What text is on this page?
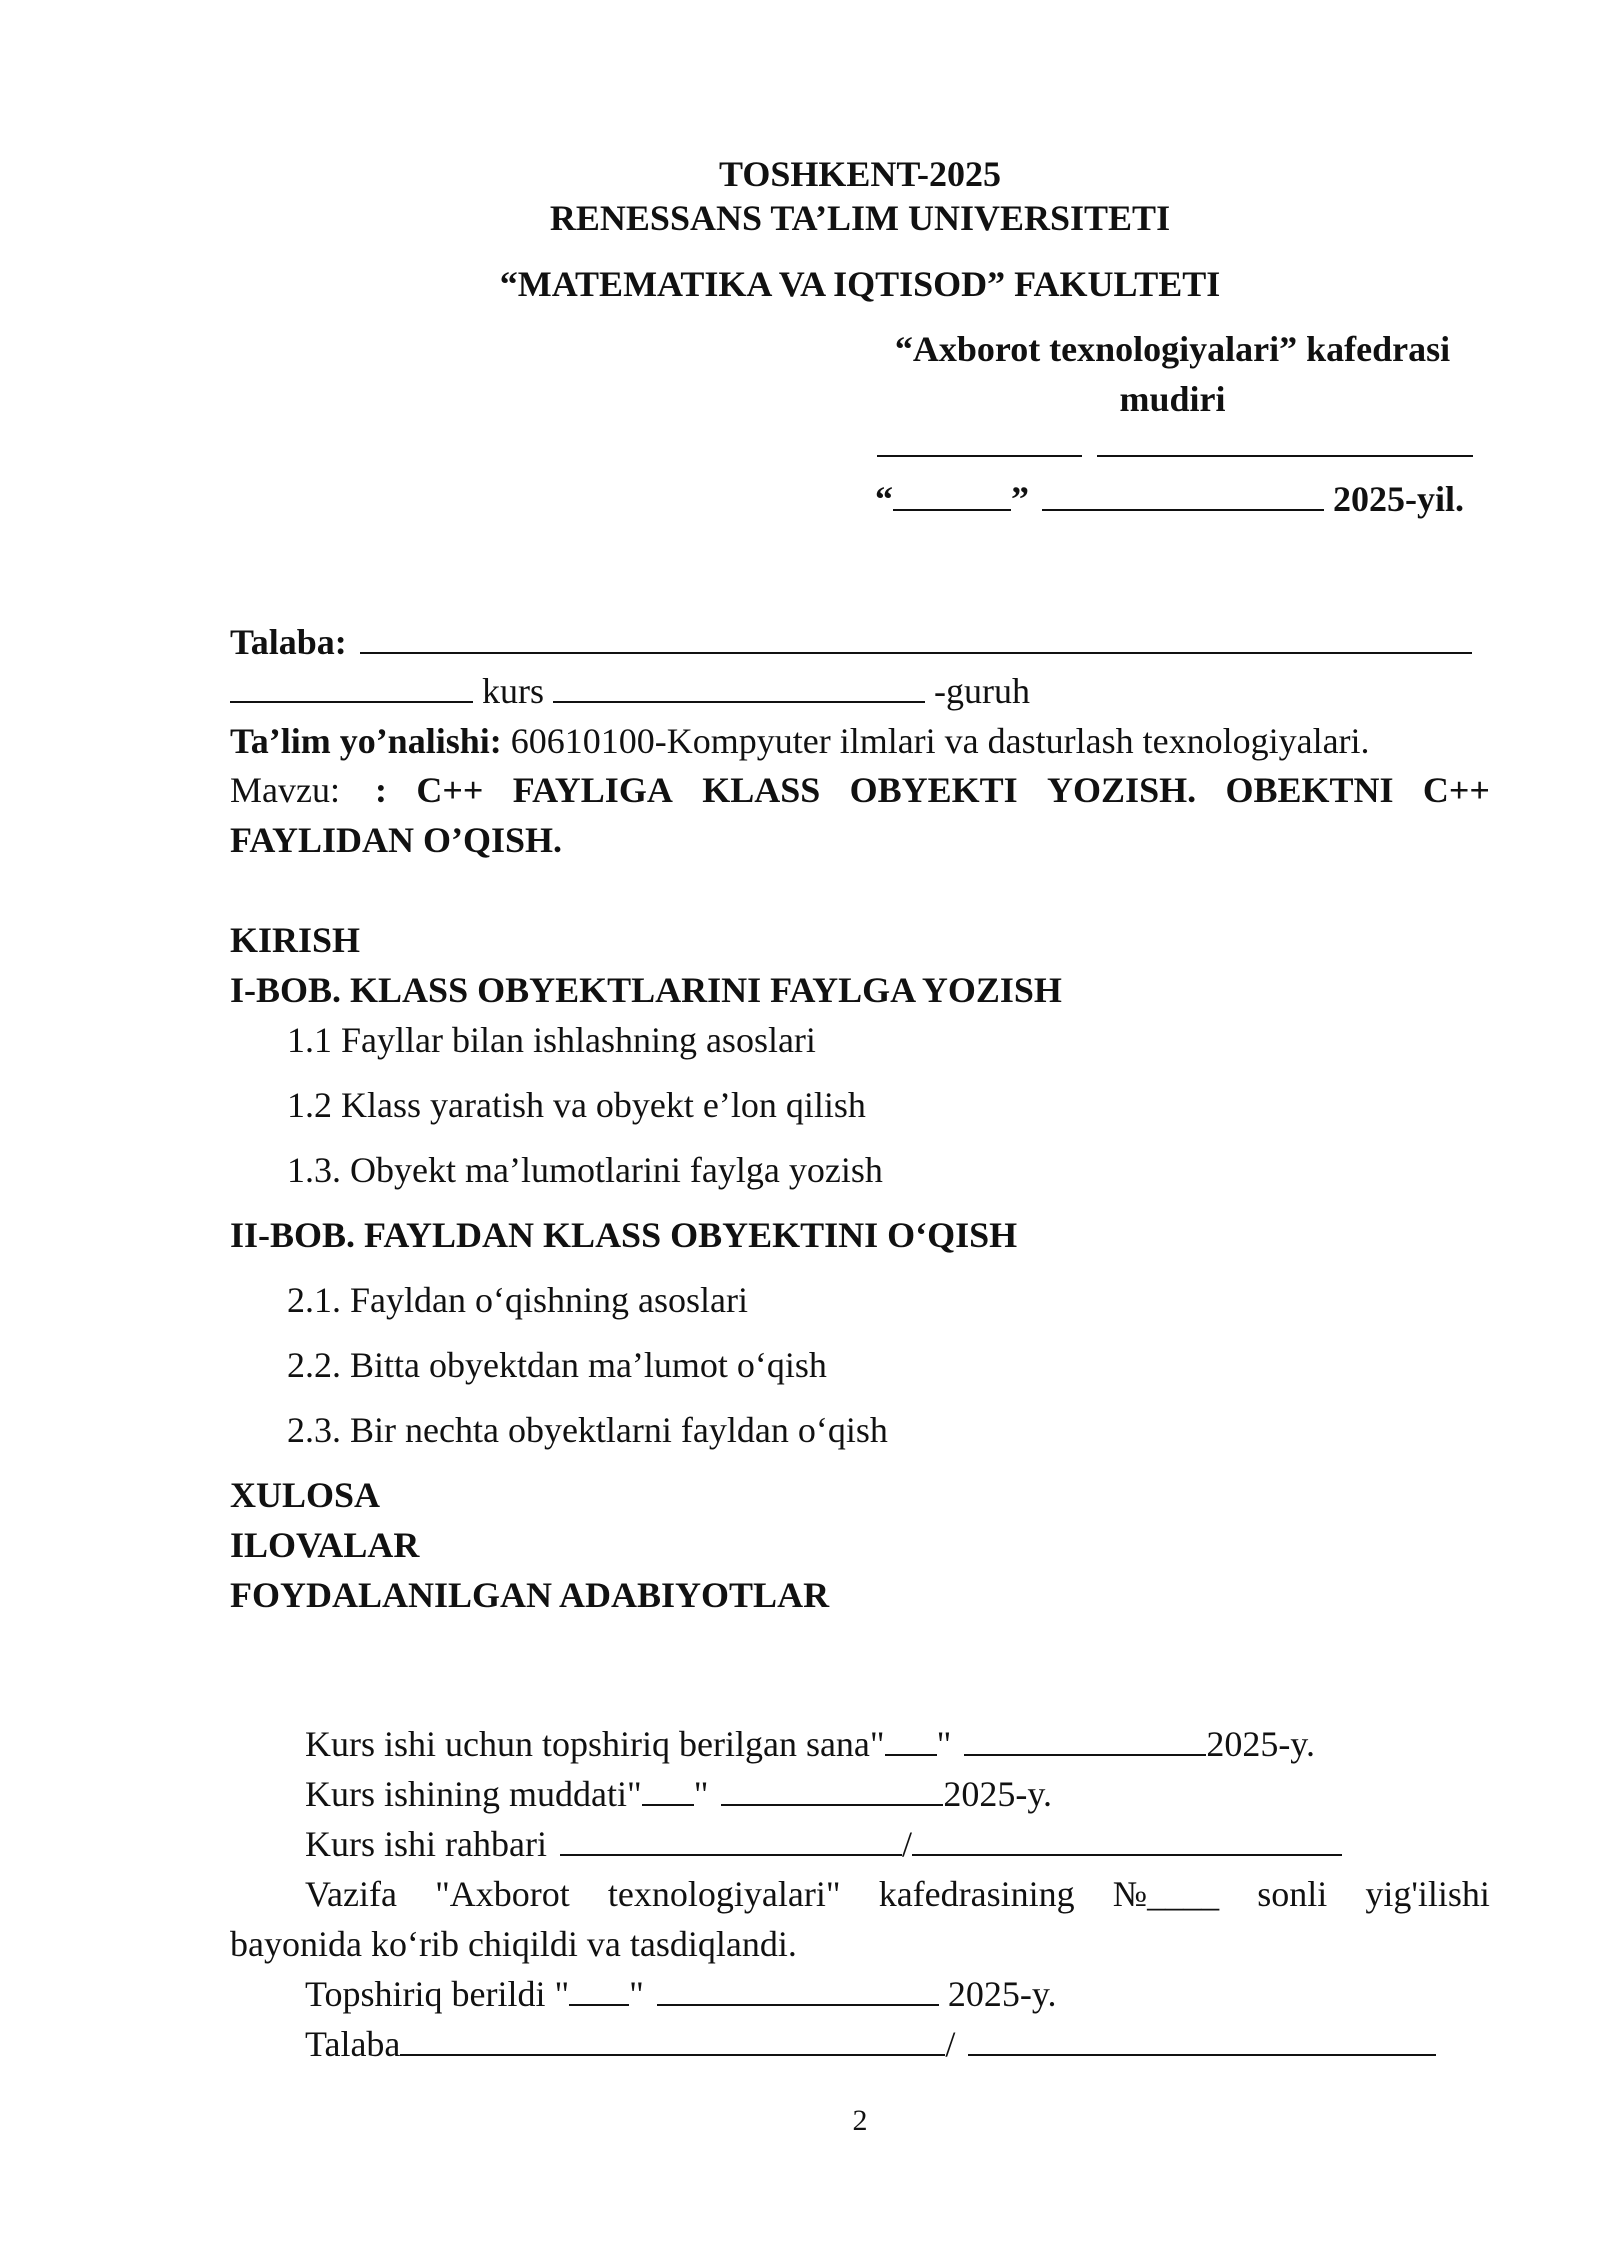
TOSHKENT-2025
RENESSANS TA’LIM UNIVERSITETI
“MATEMATIKA VA IQTISOD” FAKULTETI
“Axborot texnologiyalari” kafedrasi
mudiri
“	”	2025-yil.
Talaba:
kurs	-guruh
Ta’lim yo’nalishi: 60610100-Kompyuter ilmlari va dasturlash texnologiyalari.
Mavzu: : C++ FAYLIGA KLASS OBYEKTI YOZISH. OBEKTNI C++
FAYLIDAN O’QISH.
KIRISH
I-BOB. KLASS OBYEKTLARINI FAYLGA YOZISH
1.1 Fayllar bilan ishlashning asoslari
1.2 Klass yaratish va obyekt e’lon qilish
1.3. Obyekt ma’lumotlarini faylga yozish
II-BOB. FAYLDAN KLASS OBYEKTINI O‘QISH
2.1. Fayldan o‘qishning asoslari
2.2. Bitta obyektdan ma’lumot o‘qish
2.3. Bir nechta obyektlarni fayldan o‘qish
XULOSA
ILOVALAR
FOYDALANILGAN ADABIYOTLAR
Kurs ishi uchun topshiriq berilgan sana" "	2025-y.
Kurs ishining muddati" "	2025-y.
Kurs ishi rahbari	/
Vazifa "Axborot texnologiyalari" kafedrasining №____ sonli yig'ilishi
bayonida ko‘rib chiqildi va tasdiqlandi.
Topshiriq berildi " "	2025-y.
Talaba	/
2
